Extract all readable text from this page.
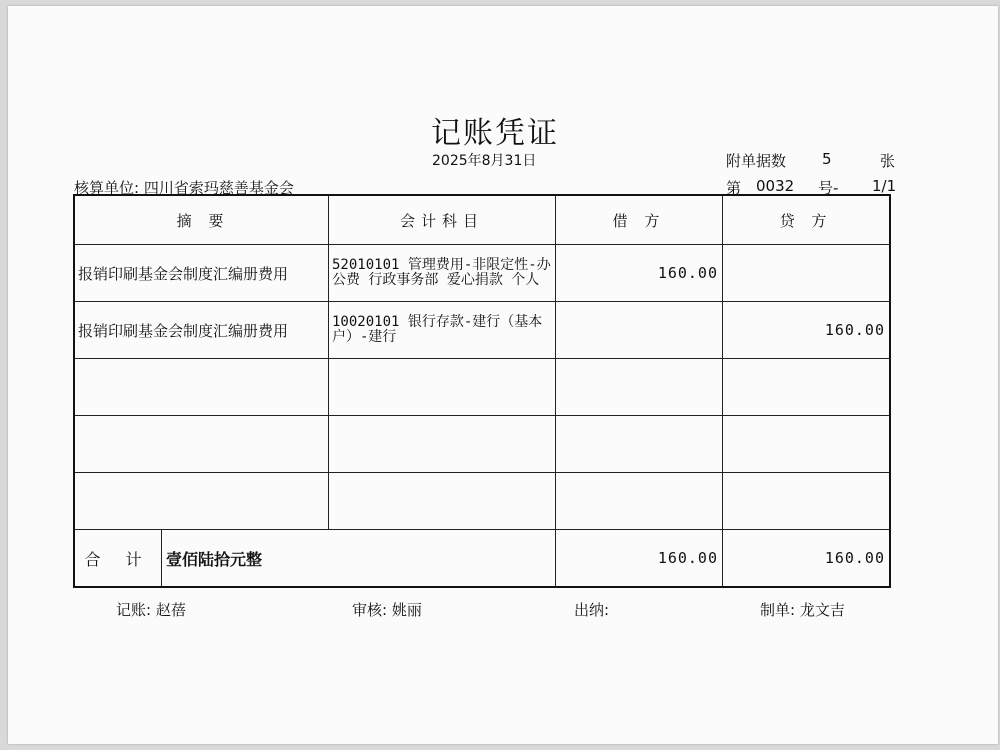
记账凭证
2025年8月31日	附单据数 5	张
核算单位: 四川省索玛慈善基金会	第 0032 号- 1/1
摘 要		会计科目	借 方	贷 方
报销印刷基金会制度汇编册费用		52010101 管理费用-非限定性-办公费 行政事务部 爱心捐款 个人	160.00	
报销印刷基金会制度汇编册费用		10020101 银行存款-建行（基本户）-建行		160.00

合 计	壹佰陆拾元整		160.00	160.00
记账: 赵蓓	审核: 姚丽	出纳:	制单: 龙文吉
